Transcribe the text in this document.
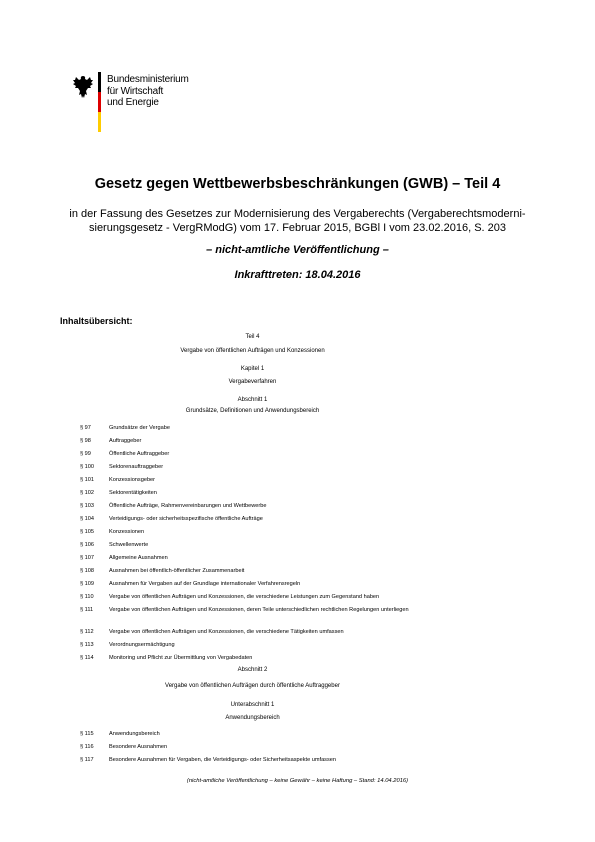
Bundesministerium
für Wirtschaft
und Energie
Gesetz gegen Wettbewerbsbeschränkungen (GWB) – Teil 4
in der Fassung des Gesetzes zur Modernisierung des Vergaberechts (Vergaberechtsmoderni-sierungsgesetz - VergRModG) vom 17. Februar 2015, BGBl I vom 23.02.2016, S. 203
– nicht-amtliche Veröffentlichung –
Inkrafttreten: 18.04.2016
Inhaltsübersicht:
Teil 4
Vergabe von öffentlichen Aufträgen und Konzessionen
Kapitel 1
Vergabeverfahren
Abschnitt 1
Grundsätze, Definitionen und Anwendungsbereich
§ 97	Grundsätze der Vergabe
§ 98	Auftraggeber
§ 99	Öffentliche Auftraggeber
§ 100	Sektorenauftraggeber
§ 101	Konzessionsgeber
§ 102	Sektorentätigkeiten
§ 103	Öffentliche Aufträge, Rahmenvereinbarungen und Wettbewerbe
§ 104	Verteidigungs- oder sicherheitsspezifische öffentliche Aufträge
§ 105	Konzessionen
§ 106	Schwellenwerte
§ 107	Allgemeine Ausnahmen
§ 108	Ausnahmen bei öffentlich-öffentlicher Zusammenarbeit
§ 109	Ausnahmen für Vergaben auf der Grundlage internationaler Verfahrensregeln
§ 110	Vergabe von öffentlichen Aufträgen und Konzessionen, die verschiedene Leistungen zum Gegenstand haben
§ 111	Vergabe von öffentlichen Aufträgen und Konzessionen, deren Teile unterschiedlichen rechtlichen Regelungen unterliegen
§ 112	Vergabe von öffentlichen Aufträgen und Konzessionen, die verschiedene Tätigkeiten umfassen
§ 113	Verordnungsermächtigung
§ 114	Monitoring und Pflicht zur Übermittlung von Vergabedaten
Abschnitt 2
Vergabe von öffentlichen Aufträgen durch öffentliche Auftraggeber
Unterabschnitt 1
Anwendungsbereich
§ 115	Anwendungsbereich
§ 116	Besondere Ausnahmen
§ 117	Besondere Ausnahmen für Vergaben, die Verteidigungs- oder Sicherheitsaspekte umfassen
(nicht-amtliche Veröffentlichung – keine Gewähr – keine Haftung – Stand: 14.04.2016)
